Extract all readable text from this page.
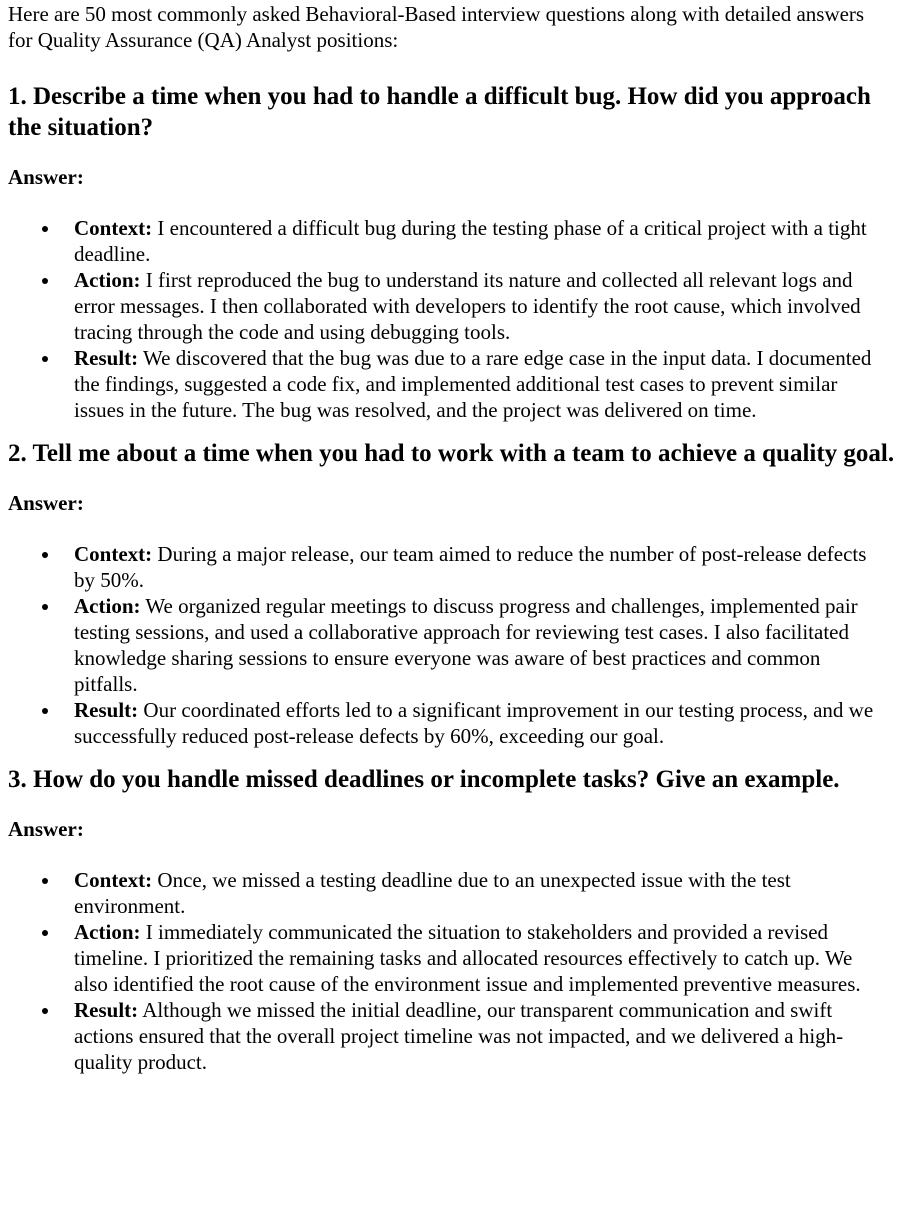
Here are 50 most commonly asked Behavioral-Based interview questions along with detailed answers for Quality Assurance (QA) Analyst positions:

1. Describe a time when you had to handle a difficult bug. How did you approach the situation?

Answer:

Context: I encountered a difficult bug during the testing phase of a critical project with a tight deadline.
Action: I first reproduced the bug to understand its nature and collected all relevant logs and error messages. I then collaborated with developers to identify the root cause, which involved tracing through the code and using debugging tools.
Result: We discovered that the bug was due to a rare edge case in the input data. I documented the findings, suggested a code fix, and implemented additional test cases to prevent similar issues in the future. The bug was resolved, and the project was delivered on time.
2. Tell me about a time when you had to work with a team to achieve a quality goal.

Answer:

Context: During a major release, our team aimed to reduce the number of post-release defects by 50%.
Action: We organized regular meetings to discuss progress and challenges, implemented pair testing sessions, and used a collaborative approach for reviewing test cases. I also facilitated knowledge sharing sessions to ensure everyone was aware of best practices and common pitfalls.
Result: Our coordinated efforts led to a significant improvement in our testing process, and we successfully reduced post-release defects by 60%, exceeding our goal.
3. How do you handle missed deadlines or incomplete tasks? Give an example.

Answer:

Context: Once, we missed a testing deadline due to an unexpected issue with the test environment.
Action: I immediately communicated the situation to stakeholders and provided a revised timeline. I prioritized the remaining tasks and allocated resources effectively to catch up. We also identified the root cause of the environment issue and implemented preventive measures.
Result: Although we missed the initial deadline, our transparent communication and swift actions ensured that the overall project timeline was not impacted, and we delivered a high-quality product.
